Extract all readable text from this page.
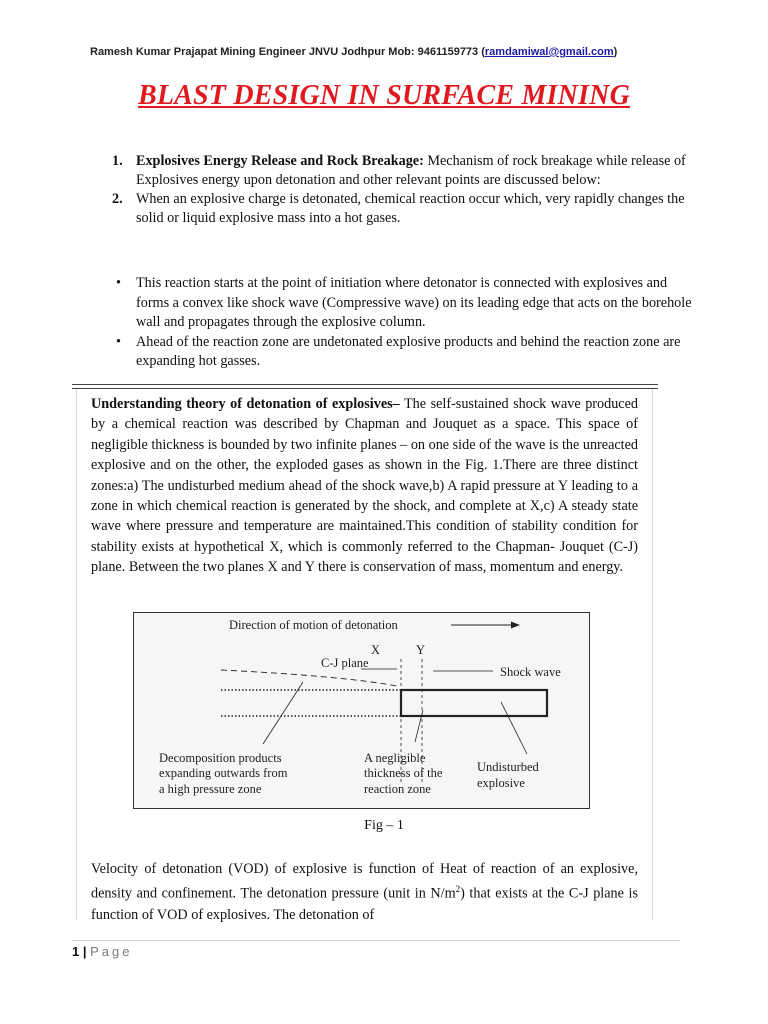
Ramesh Kumar Prajapat Mining Engineer JNVU Jodhpur Mob: 9461159773 (ramdamiwal@gmail.com)
BLAST DESIGN IN SURFACE MINING
1. Explosives Energy Release and Rock Breakage: Mechanism of rock breakage while release of Explosives energy upon detonation and other relevant points are discussed below:
2. When an explosive charge is detonated, chemical reaction occur which, very rapidly changes the solid or liquid explosive mass into a hot gases.
•	This reaction starts at the point of initiation where detonator is connected with explosives and forms a convex like shock wave (Compressive wave) on its leading edge that acts on the borehole wall and propagates through the explosive column.
•	Ahead of the reaction zone are undetonated explosive products and behind the reaction zone are expanding hot gasses.
Understanding theory of detonation of explosives– The self-sustained shock wave produced by a chemical reaction was described by Chapman and Jouquet as a space. This space of negligible thickness is bounded by two infinite planes – on one side of the wave is the unreacted explosive and on the other, the exploded gases as shown in the Fig. 1.There are three distinct zones:a) The undisturbed medium ahead of the shock wave,b) A rapid pressure at Y leading to a zone in which chemical reaction is generated by the shock, and complete at X,c) A steady state wave where pressure and temperature are maintained.This condition of stability condition for stability exists at hypothetical X, which is commonly referred to the Chapman- Jouquet (C-J) plane. Between the two planes X and Y there is conservation of mass, momentum and energy.
Direction of motion of detonation
X	Y
C-J plane
Shock wave
Decomposition products
expanding outwards from
a high pressure zone
A negligible
thickness of the
reaction zone
Undisturbed
explosive
Fig – 1
Velocity of detonation (VOD) of explosive is function of Heat of reaction of an explosive, density and confinement. The detonation pressure (unit in $N/m^2$) that exists at the C-J plane is function of VOD of explosives. The detonation of
1 | Page
